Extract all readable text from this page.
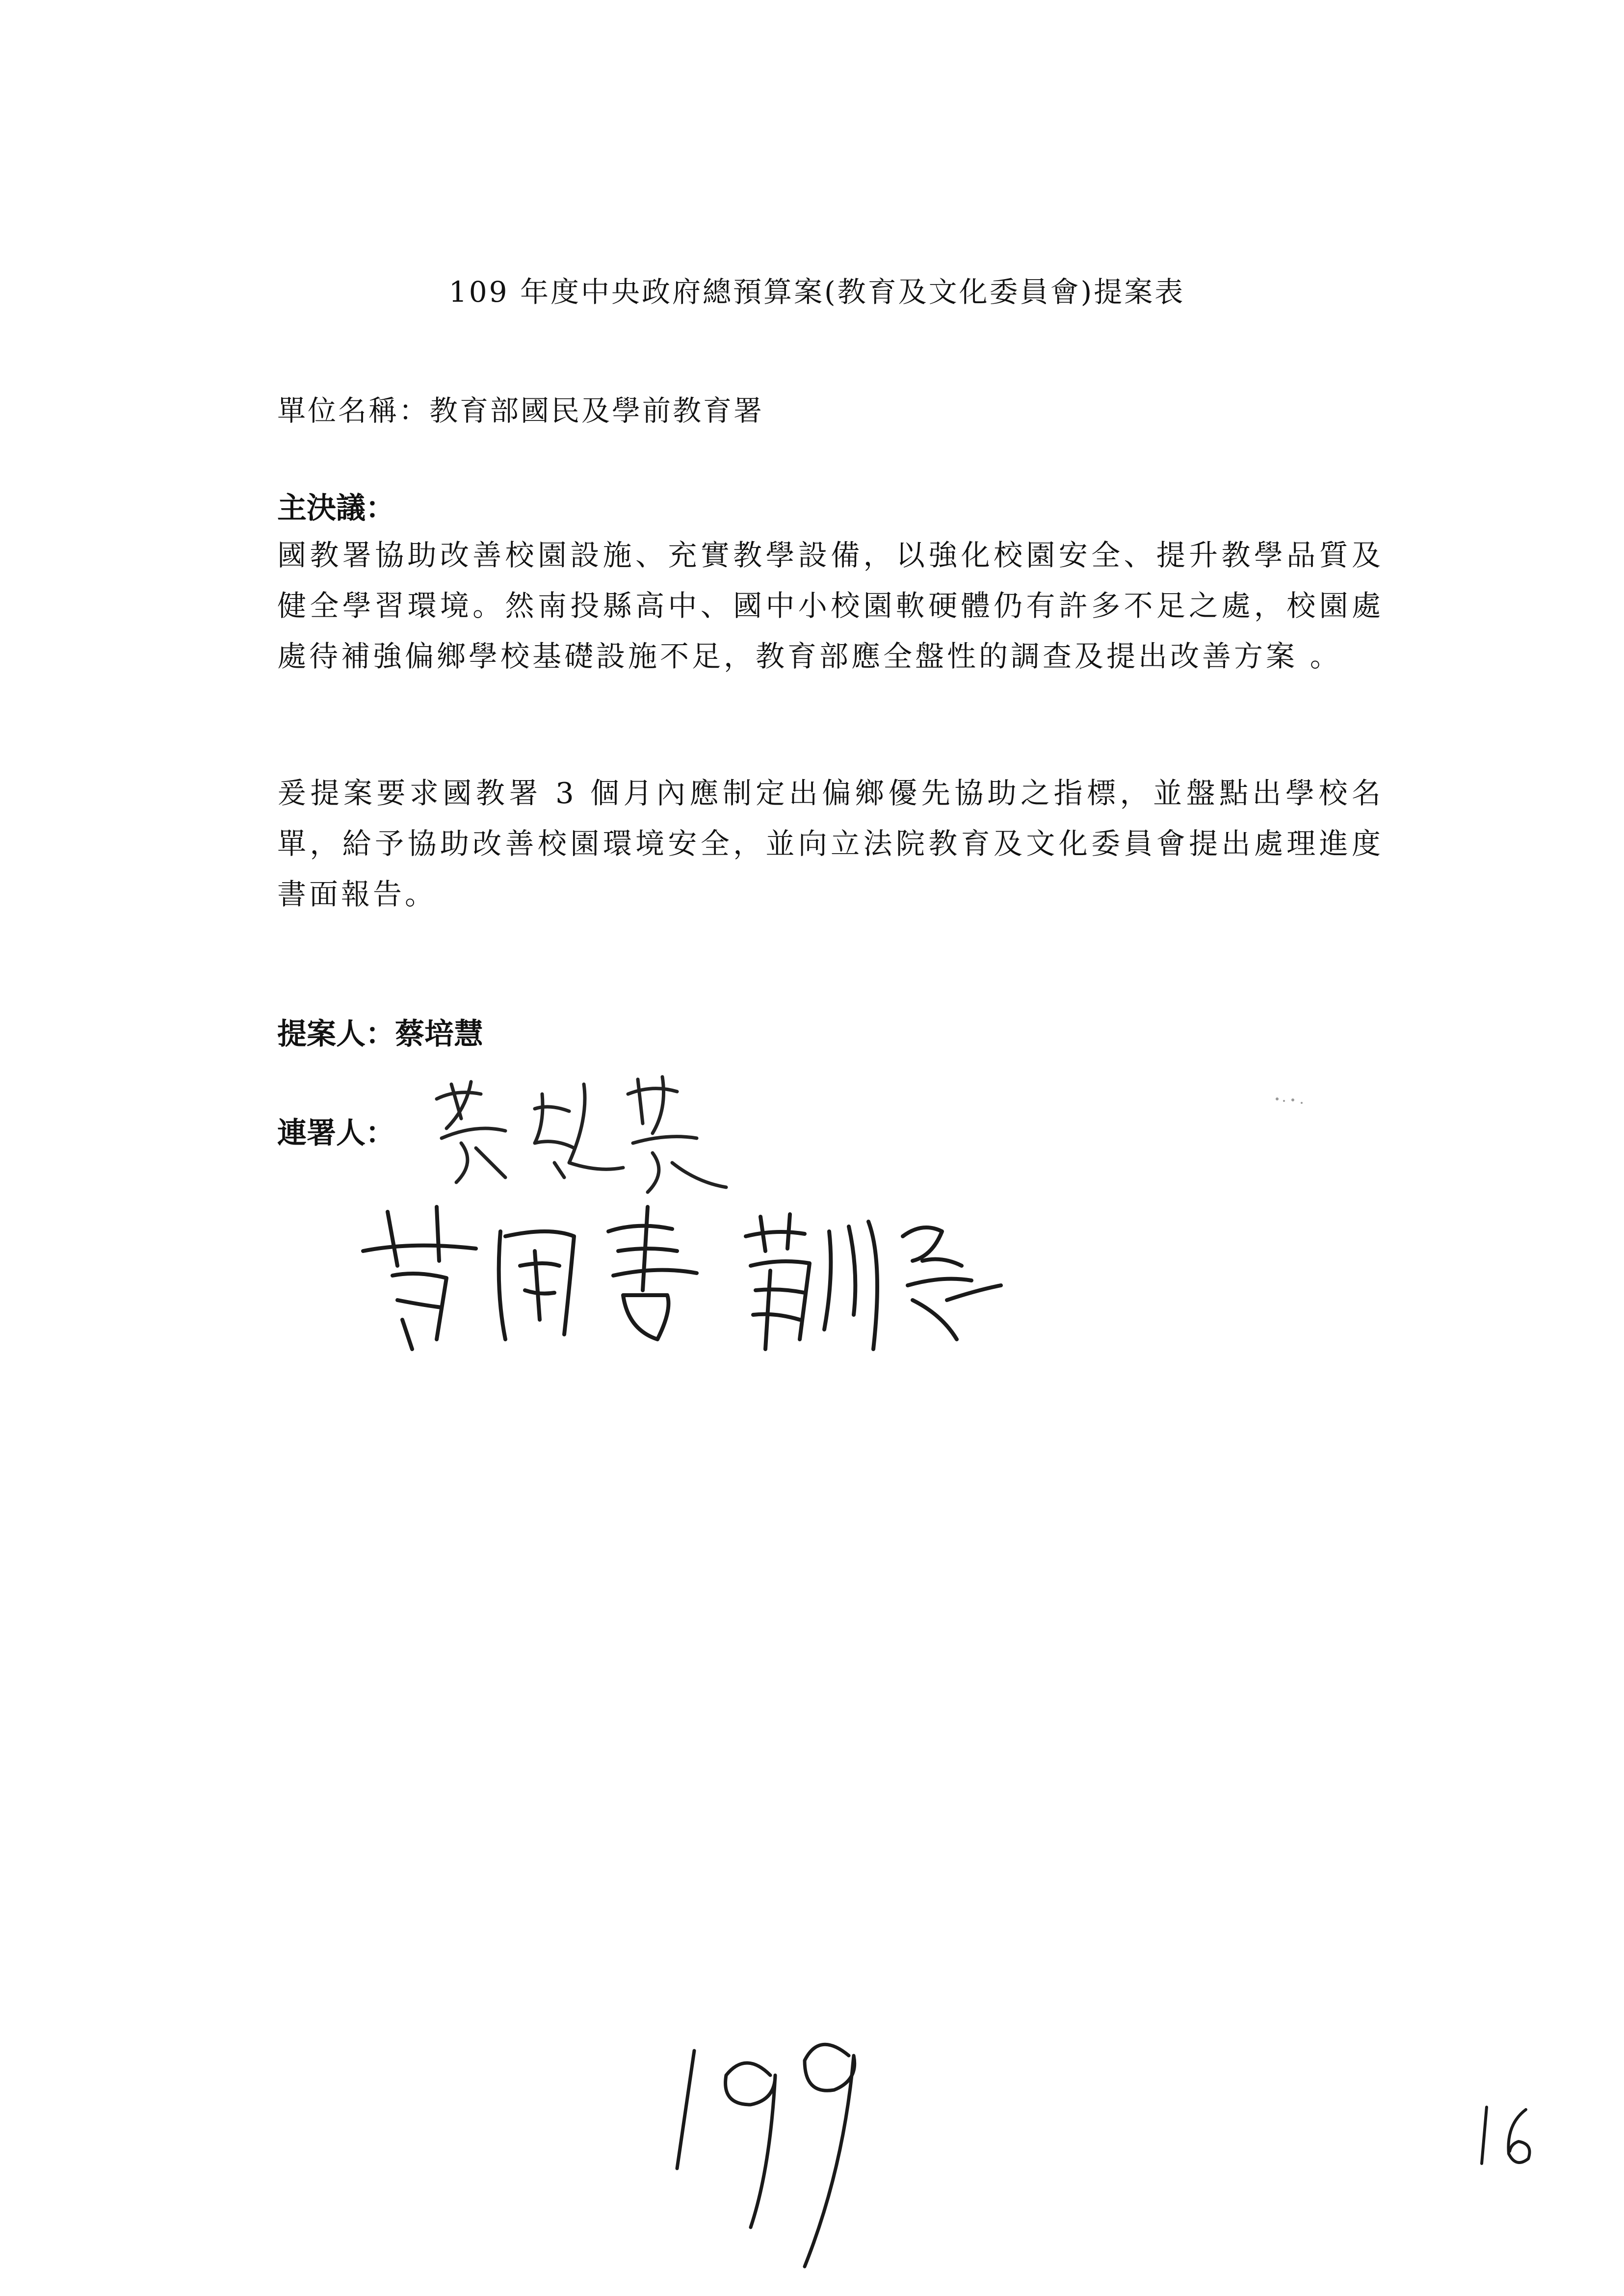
109 年度中央政府總預算案(教育及文化委員會)提案表
單位名稱：教育部國民及學前教育署
主決議：
國教署協助改善校園設施、充實教學設備，以強化校園安全、提升教學品質及健全學習環境。然南投縣高中、國中小校園軟硬體仍有許多不足之處，校園處處待補強偏鄉學校基礎設施不足，教育部應全盤性的調查及提出改善方案 。
爰提案要求國教署 3 個月內應制定出偏鄉優先協助之指標，並盤點出學校名單，給予協助改善校園環境安全，並向立法院教育及文化委員會提出處理進度書面報告。
提案人：蔡培慧
連署人：
